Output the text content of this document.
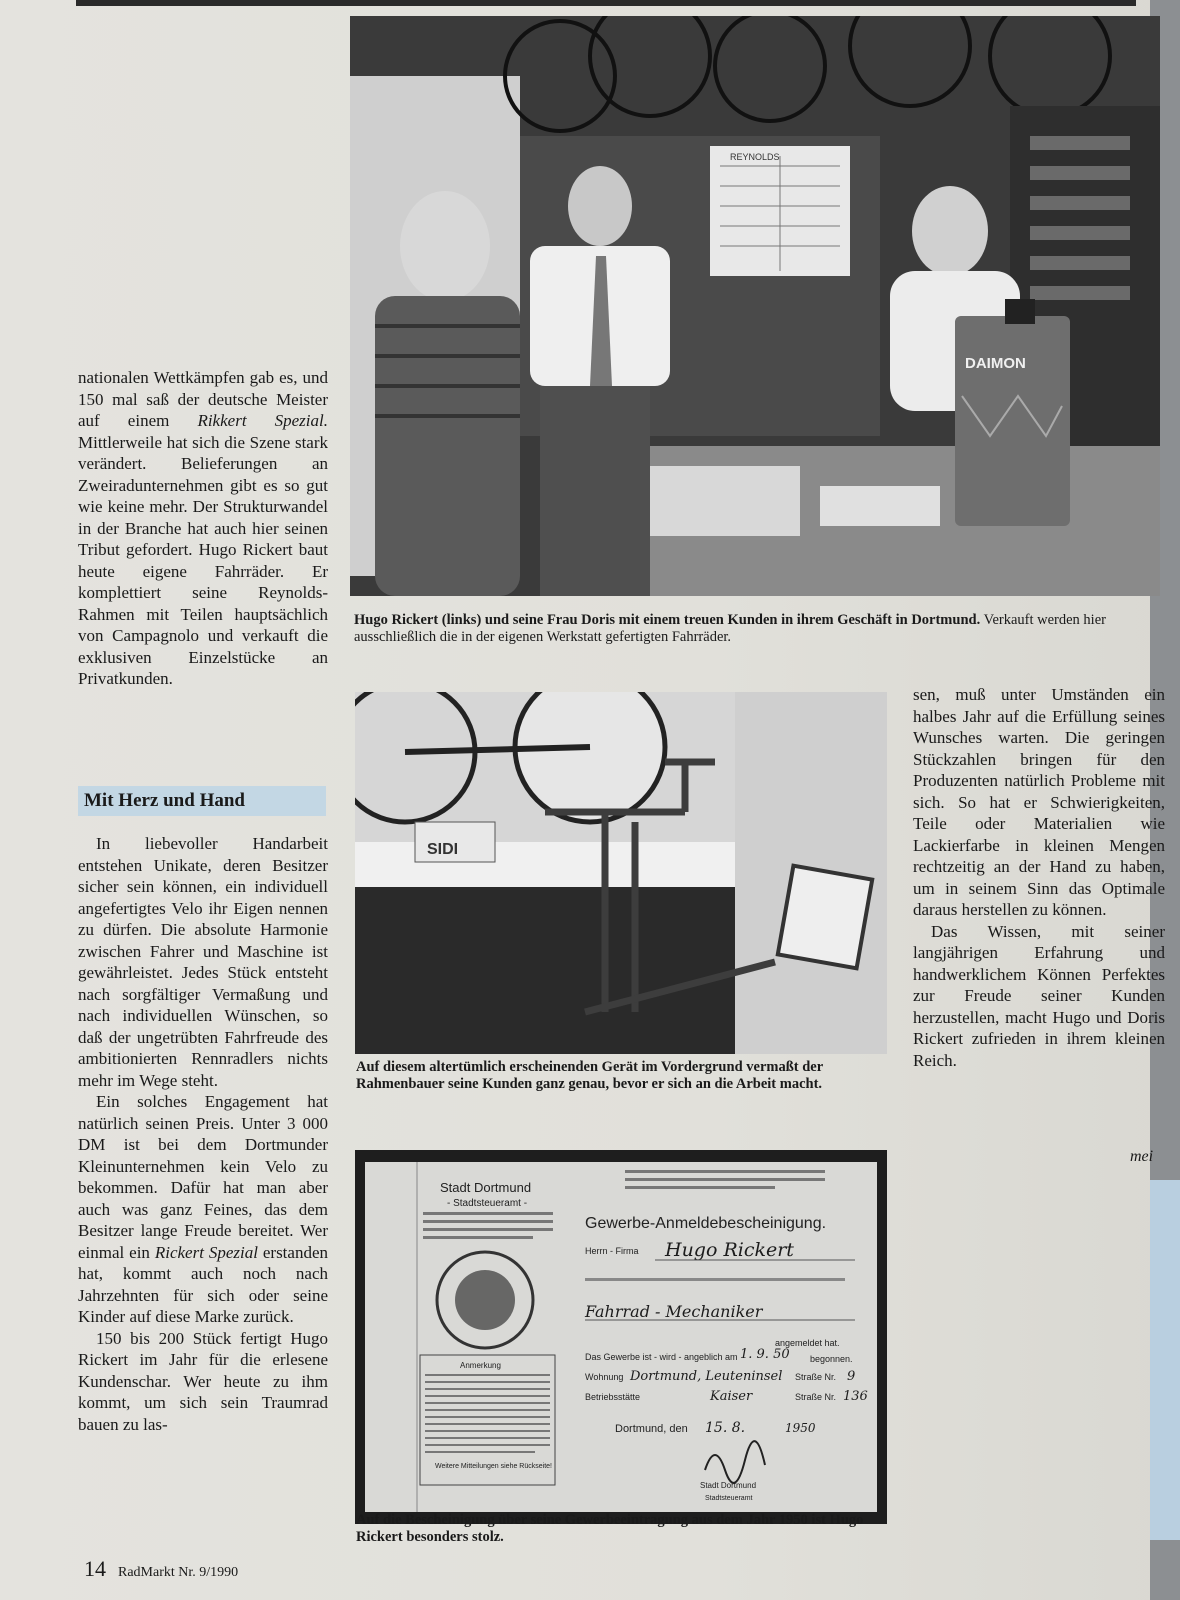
REYNOLDS
DAIMON
Hugo Rickert (links) und seine Frau Doris mit einem treuen Kunden in ihrem Geschäft in Dortmund. Verkauft werden hier ausschließlich die in der eigenen Werkstatt gefertigten Fahrräder.

nationalen Wettkämpfen gab es, und 150 mal saß der deutsche Meister auf einem Rikkert Spezial. Mittlerweile hat sich die Szene stark verändert. Belieferungen an Zweiradunternehmen gibt es so gut wie keine mehr. Der Strukturwandel in der Branche hat auch hier seinen Tribut gefordert. Hugo Rickert baut heute eigene Fahrräder. Er komplettiert seine Reynolds-Rahmen mit Teilen hauptsächlich von Campagnolo und verkauft die exklusiven Einzelstücke an Privatkunden.

Mit Herz und Hand

In liebevoller Handarbeit entstehen Unikate, deren Besitzer sicher sein können, ein individuell angefertigtes Velo ihr Eigen nennen zu dürfen. Die absolute Harmonie zwischen Fahrer und Maschine ist gewährleistet. Jedes Stück entsteht nach sorgfältiger Vermaßung und nach individuellen Wünschen, so daß der ungetrübten Fahrfreude des ambitionierten Rennradlers nichts mehr im Wege steht.

Ein solches Engagement hat natürlich seinen Preis. Unter 3 000 DM ist bei dem Dortmunder Kleinunternehmen kein Velo zu bekommen. Dafür hat man aber auch was ganz Feines, das dem Besitzer lange Freude bereitet. Wer einmal ein Rickert Spezial erstanden hat, kommt auch noch nach Jahrzehnten für sich oder seine Kinder auf diese Marke zurück.

150 bis 200 Stück fertigt Hugo Rickert im Jahr für die erlesene Kundenschar. Wer heute zu ihm kommt, um sich sein Traumrad bauen zu las-

SIDI
Auf diesem altertümlich erscheinenden Gerät im Vordergrund vermaßt der Rahmenbauer seine Kunden ganz genau, bevor er sich an die Arbeit macht.

sen, muß unter Umständen ein halbes Jahr auf die Erfüllung seines Wunsches warten. Die geringen Stückzahlen bringen für den Produzenten natürlich Probleme mit sich. So hat er Schwierigkeiten, Teile oder Materialien wie Lackierfarbe in kleinen Mengen rechtzeitig an der Hand zu haben, um in seinem Sinn das Optimale daraus herstellen zu können.

Das Wissen, mit seiner langjährigen Erfahrung und handwerklichem Können Perfektes zur Freude seiner Kunden herzustellen, macht Hugo und Doris Rickert zufrieden in ihrem kleinen Reich.

mei
Stadt Dortmund
- Stadtsteueramt -
Gewerbe-Anmeldebescheinigung.
Herrn - Firma Hugo Rickert
Fahrrad - Mechaniker
angemeldet hat.
Das Gewerbe ist - wird - angeblich am 1. 9. 50 begonnen.
Wohnung Dortmund, Leuteninsel Straße Nr. 9
Betriebsstätte	Kaiser	Straße Nr. 136
Dortmund, den 15. 8.	1950
Anmerkung
Weitere Mitteilungen siehe Rückseite!
Stadt Dortmund
Stadtsteueramt
Auf die Bescheinigung über seine Gewerbeeintragung aus dem Jahr 1950 ist Hugo Rickert besonders stolz.
14 RadMarkt Nr. 9/1990
